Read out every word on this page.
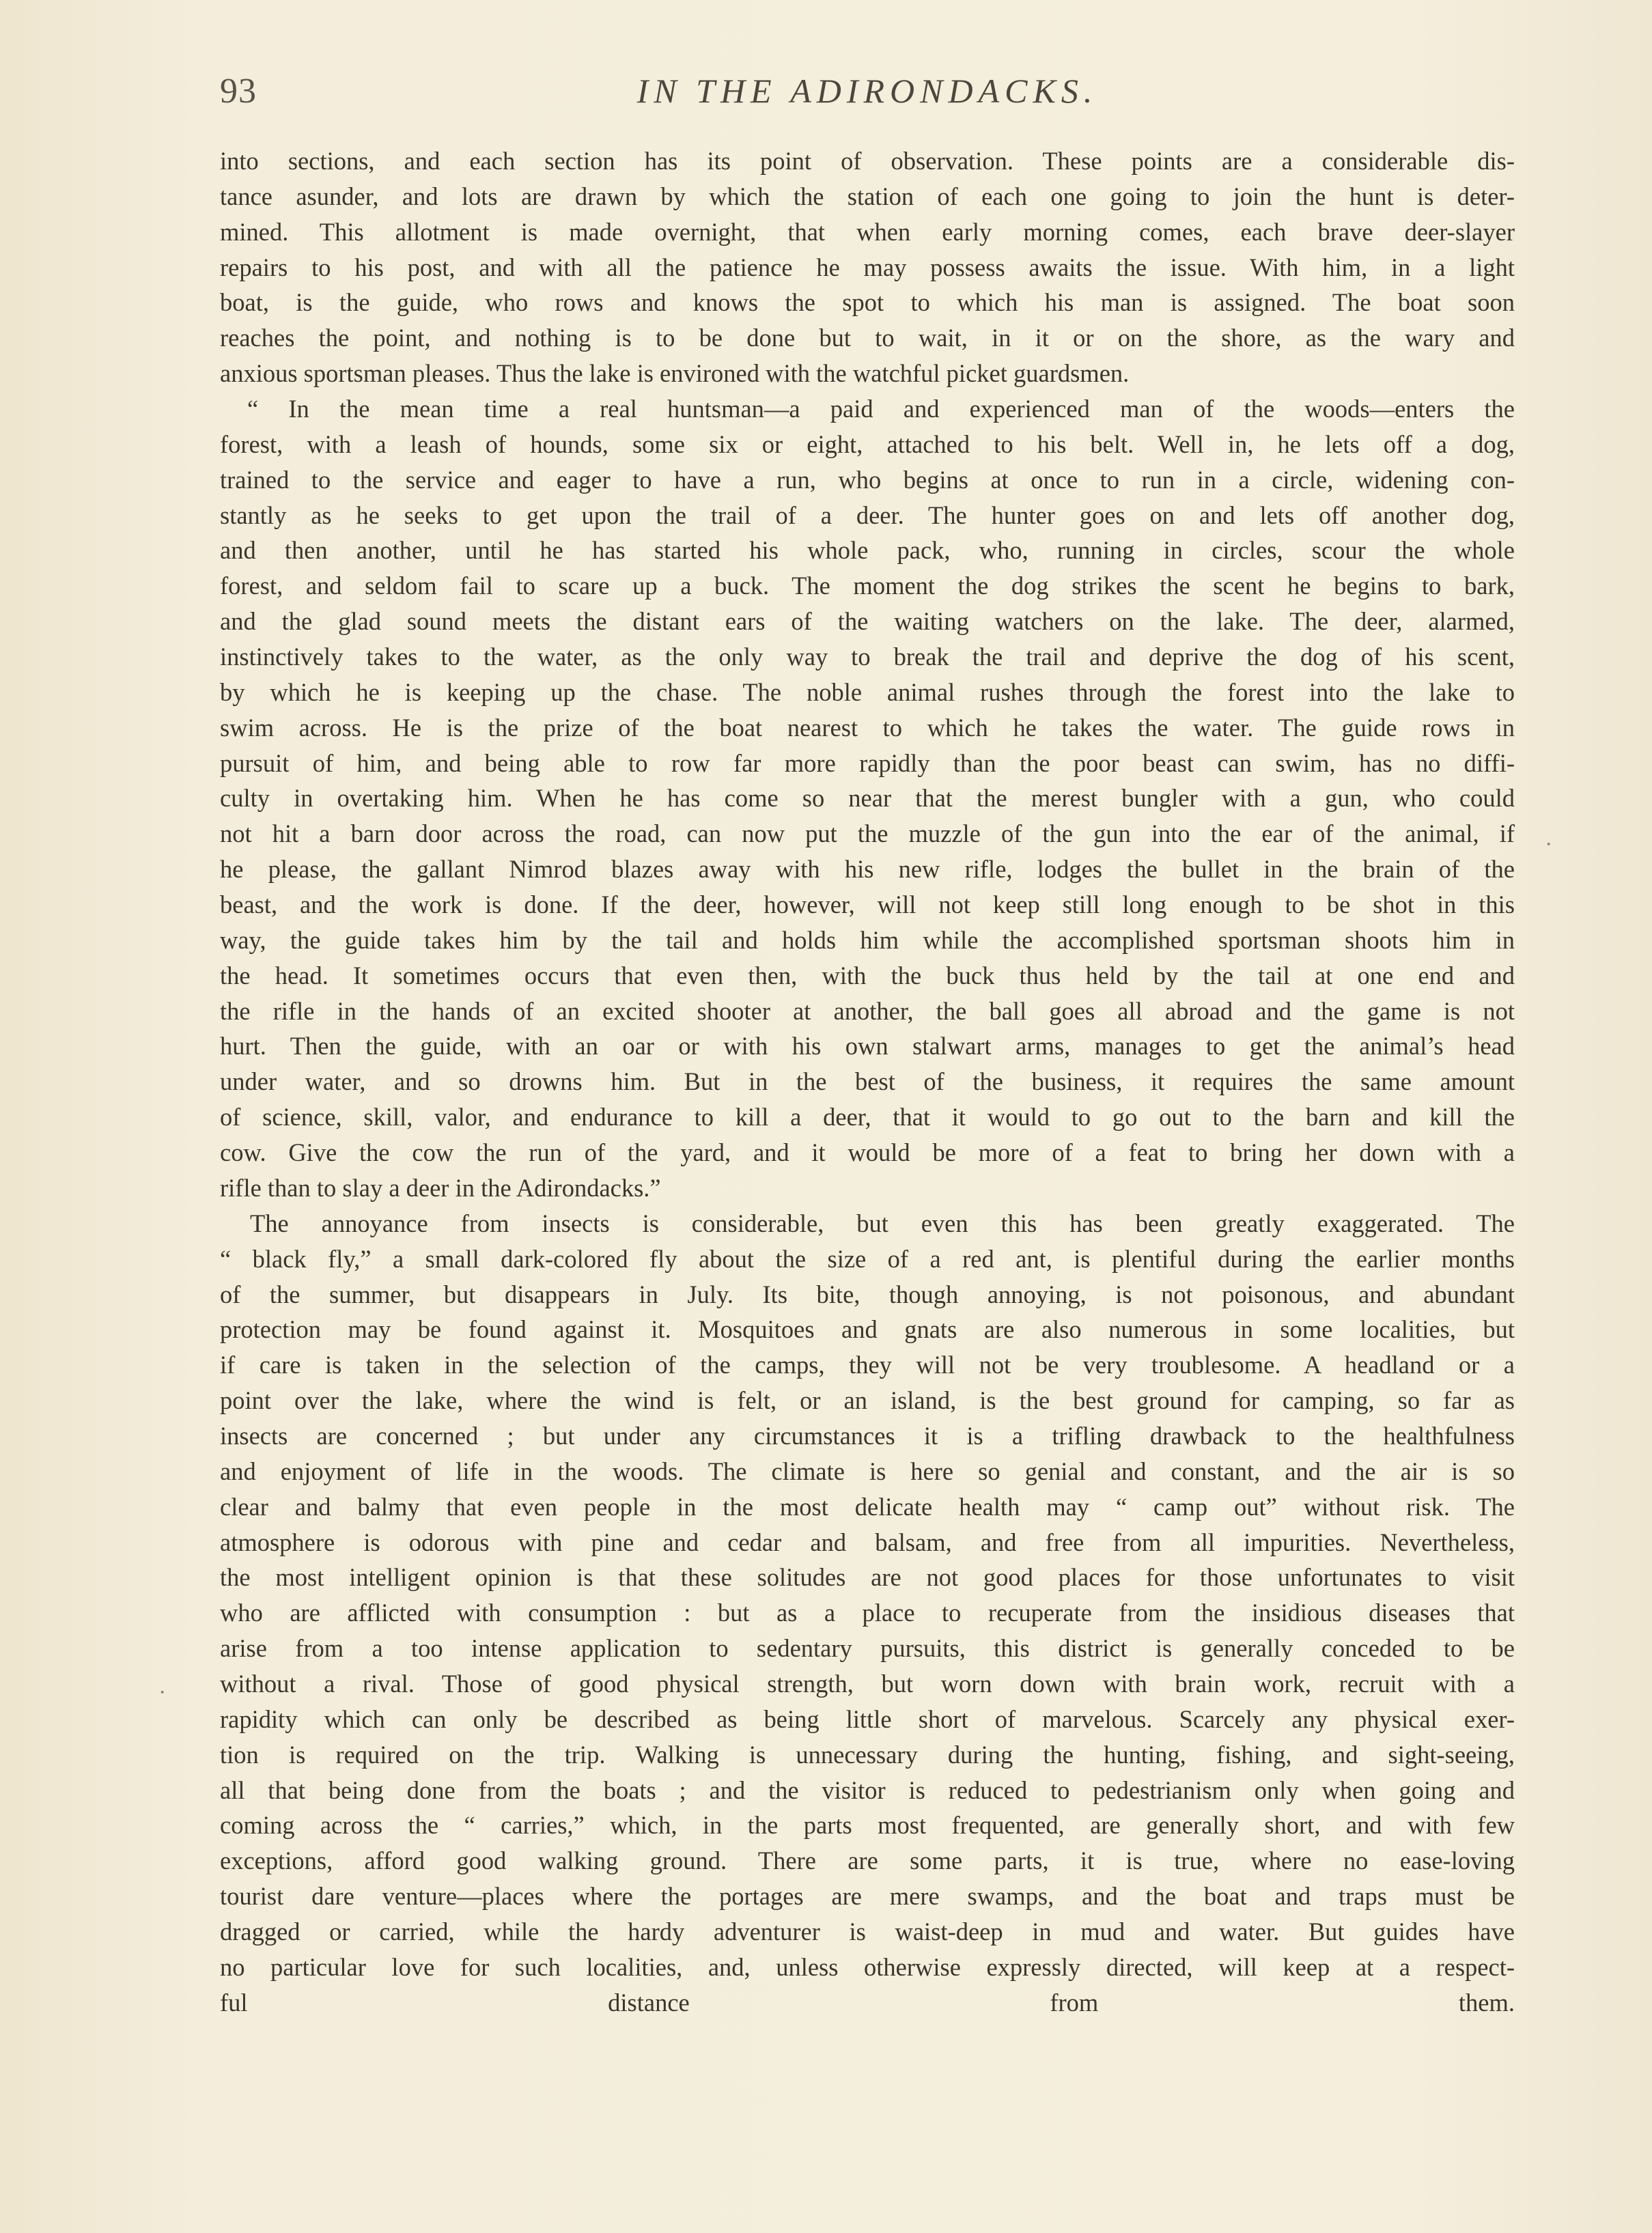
93	IN THE ADIRONDACKS.
into sections, and each section has its point of observation. These points are a considerable dis-
tance asunder, and lots are drawn by which the station of each one going to join the hunt is deter-
mined. This allotment is made overnight, that when early morning comes, each brave deer-slayer
repairs to his post, and with all the patience he may possess awaits the issue. With him, in a light
boat, is the guide, who rows and knows the spot to which his man is assigned. The boat soon
reaches the point, and nothing is to be done but to wait, in it or on the shore, as the wary and
anxious sportsman pleases. Thus the lake is environed with the watchful picket guardsmen.
“ In the mean time a real huntsman—a paid and experienced man of the woods—enters the
forest, with a leash of hounds, some six or eight, attached to his belt. Well in, he lets off a dog,
trained to the service and eager to have a run, who begins at once to run in a circle, widening con-
stantly as he seeks to get upon the trail of a deer. The hunter goes on and lets off another dog,
and then another, until he has started his whole pack, who, running in circles, scour the whole
forest, and seldom fail to scare up a buck. The moment the dog strikes the scent he begins to bark,
and the glad sound meets the distant ears of the waiting watchers on the lake. The deer, alarmed,
instinctively takes to the water, as the only way to break the trail and deprive the dog of his scent,
by which he is keeping up the chase. The noble animal rushes through the forest into the lake to
swim across. He is the prize of the boat nearest to which he takes the water. The guide rows in
pursuit of him, and being able to row far more rapidly than the poor beast can swim, has no diffi-
culty in overtaking him. When he has come so near that the merest bungler with a gun, who could
not hit a barn door across the road, can now put the muzzle of the gun into the ear of the animal, if
he please, the gallant Nimrod blazes away with his new rifle, lodges the bullet in the brain of the
beast, and the work is done. If the deer, however, will not keep still long enough to be shot in this
way, the guide takes him by the tail and holds him while the accomplished sportsman shoots him in
the head. It sometimes occurs that even then, with the buck thus held by the tail at one end and
the rifle in the hands of an excited shooter at another, the ball goes all abroad and the game is not
hurt. Then the guide, with an oar or with his own stalwart arms, manages to get the animal’s head
under water, and so drowns him. But in the best of the business, it requires the same amount
of science, skill, valor, and endurance to kill a deer, that it would to go out to the barn and kill the
cow. Give the cow the run of the yard, and it would be more of a feat to bring her down with a
rifle than to slay a deer in the Adirondacks.”
The annoyance from insects is considerable, but even this has been greatly exaggerated. The
“ black fly,” a small dark-colored fly about the size of a red ant, is plentiful during the earlier months
of the summer, but disappears in July. Its bite, though annoying, is not poisonous, and abundant
protection may be found against it. Mosquitoes and gnats are also numerous in some localities, but
if care is taken in the selection of the camps, they will not be very troublesome. A headland or a
point over the lake, where the wind is felt, or an island, is the best ground for camping, so far as
insects are concerned ; but under any circumstances it is a trifling drawback to the healthfulness
and enjoyment of life in the woods. The climate is here so genial and constant, and the air is so
clear and balmy that even people in the most delicate health may “ camp out” without risk. The
atmosphere is odorous with pine and cedar and balsam, and free from all impurities. Nevertheless,
the most intelligent opinion is that these solitudes are not good places for those unfortunates to visit
who are afflicted with consumption : but as a place to recuperate from the insidious diseases that
arise from a too intense application to sedentary pursuits, this district is generally conceded to be
without a rival. Those of good physical strength, but worn down with brain work, recruit with a
rapidity which can only be described as being little short of marvelous. Scarcely any physical exer-
tion is required on the trip. Walking is unnecessary during the hunting, fishing, and sight-seeing,
all that being done from the boats ; and the visitor is reduced to pedestrianism only when going and
coming across the “ carries,” which, in the parts most frequented, are generally short, and with few
exceptions, afford good walking ground. There are some parts, it is true, where no ease-loving
tourist dare venture—places where the portages are mere swamps, and the boat and traps must be
dragged or carried, while the hardy adventurer is waist-deep in mud and water. But guides have
no particular love for such localities, and, unless otherwise expressly directed, will keep at a respect-
ful distance from them.
·
·
